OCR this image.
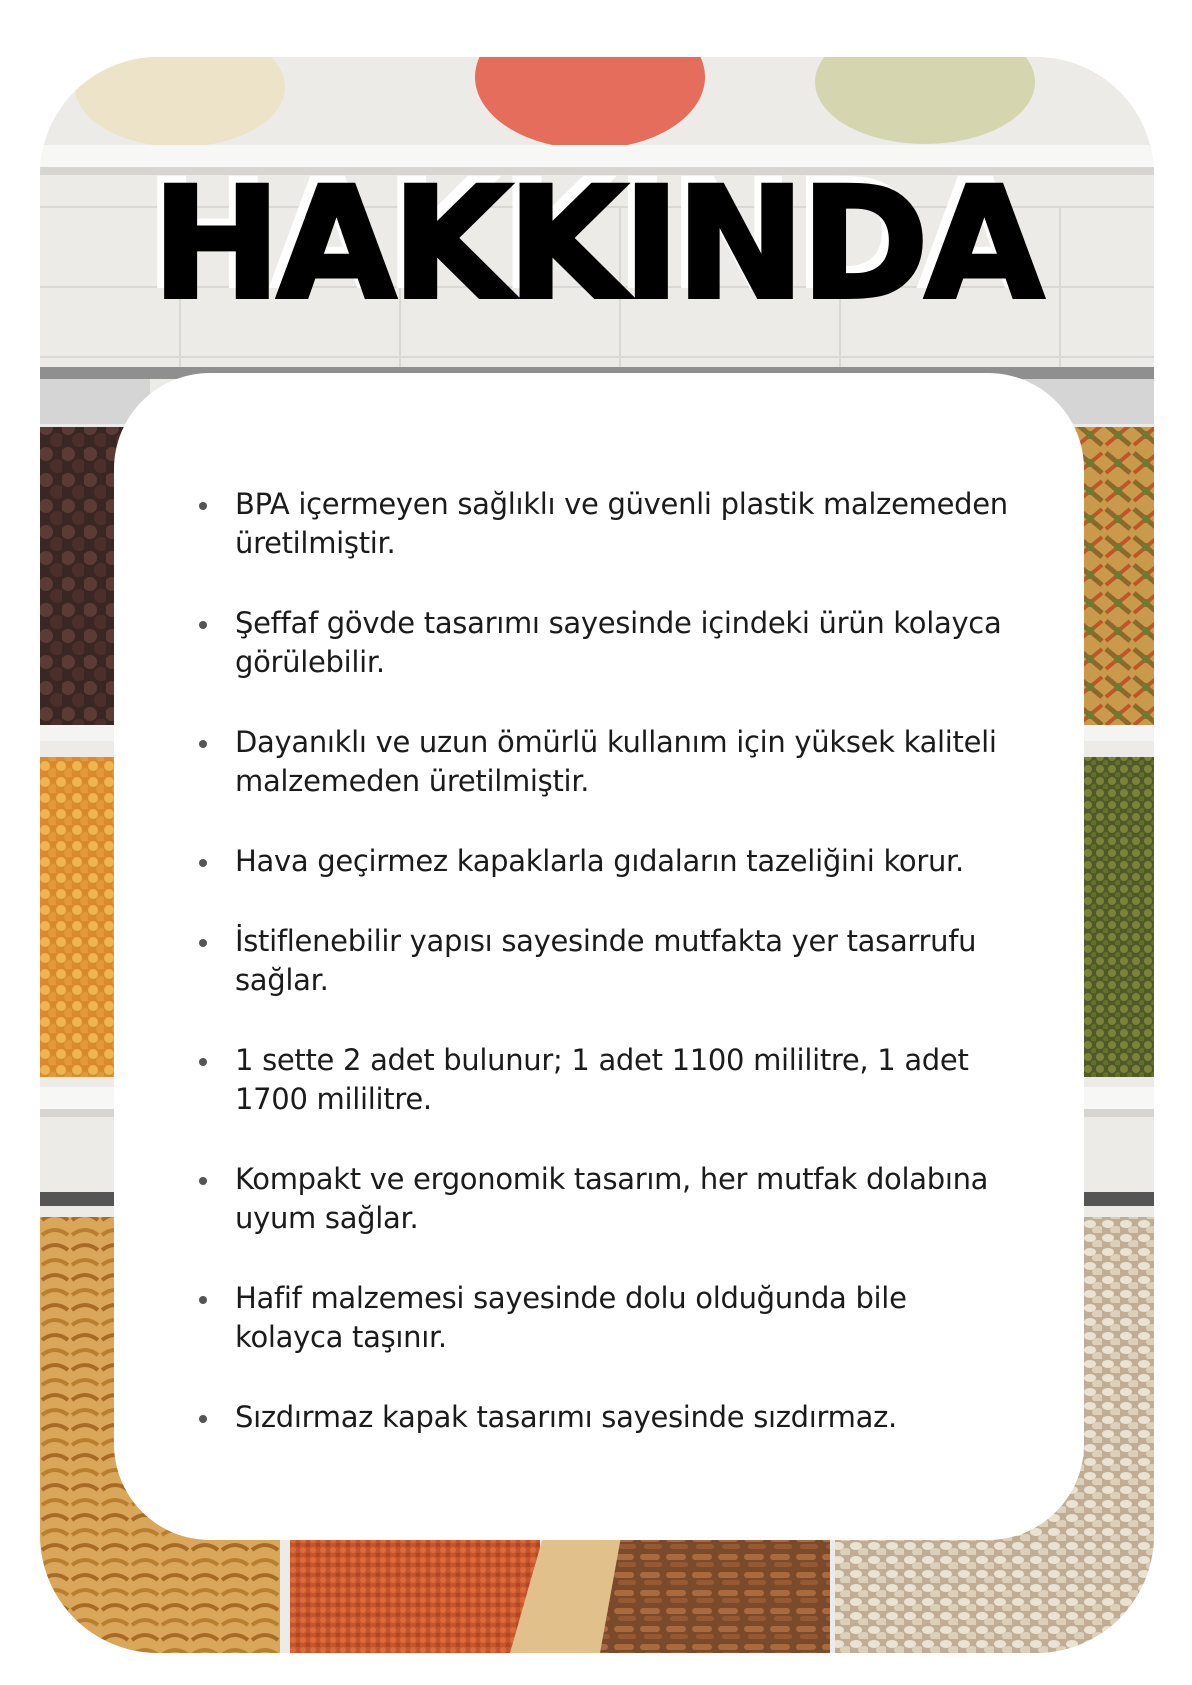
HAKKINDA
BPA içermeyen sağlıklı ve güvenli plastik malzemeden üretilmiştir.
Şeffaf gövde tasarımı sayesinde içindeki ürün kolayca görülebilir.
Dayanıklı ve uzun ömürlü kullanım için yüksek kaliteli malzemeden üretilmiştir.
Hava geçirmez kapaklarla gıdaların tazeliğini korur.
İstiflenebilir yapısı sayesinde mutfakta yer tasarrufu sağlar.
1 sette 2 adet bulunur; 1 adet 1100 mililitre, 1 adet 1700 mililitre.
Kompakt ve ergonomik tasarım, her mutfak dolabına uyum sağlar.
Hafif malzemesi sayesinde dolu olduğunda bile kolayca taşınır.
Sızdırmaz kapak tasarımı sayesinde sızdırmaz.
